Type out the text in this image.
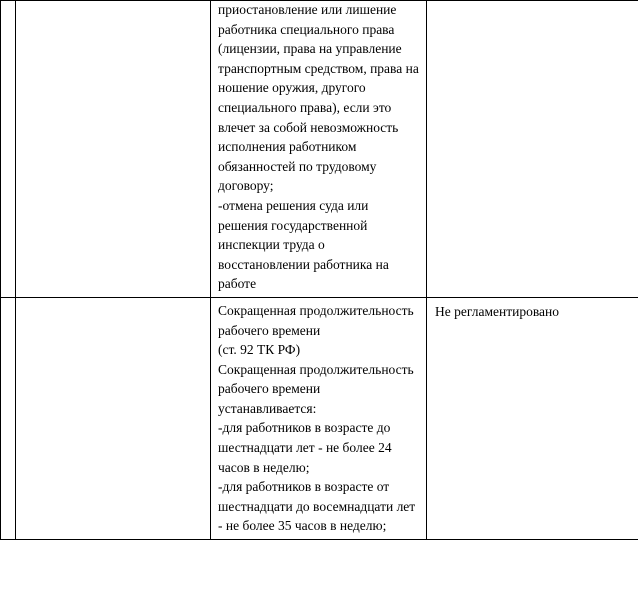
		приостановление или лишение работника специального права (лицензии, права на управление транспортным средством, права на ношение оружия, другого специального права), если это влечет за собой невозможность исполнения работником обязанностей по трудовому договору;

-отмена решения суда или решения государственной инспекции труда о восстановлении работника на работе	

		Сокращенная продолжительность рабочего времени

(ст. 92 ТК РФ)

Сокращенная продолжительность рабочего времени устанавливается:

-для работников в возрасте до шестнадцати лет - не более 24 часов в неделю;

-для работников в возрасте от шестнадцати до восемнадцати лет - не более 35 часов в неделю;	Не регламентировано
